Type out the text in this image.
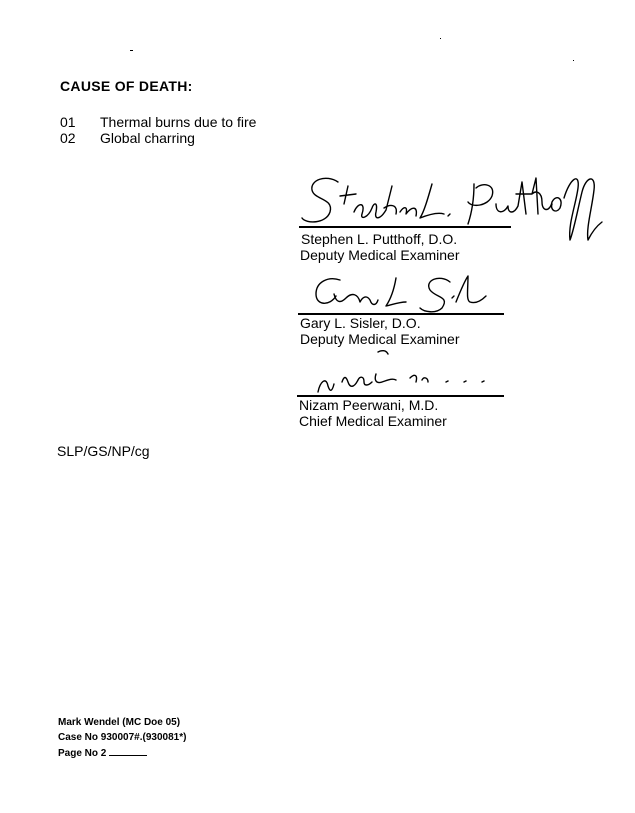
CAUSE OF DEATH:
01 Thermal burns due to fire
02 Global charring
Stephen L. Putthoff, D.O.
Deputy Medical Examiner
Gary L. Sisler, D.O.
Deputy Medical Examiner
Nizam Peerwani, M.D.
Chief Medical Examiner
SLP/GS/NP/cg
Mark Wendel (MC Doe 05)
Case No 930007#.(930081*)
Page No 2
